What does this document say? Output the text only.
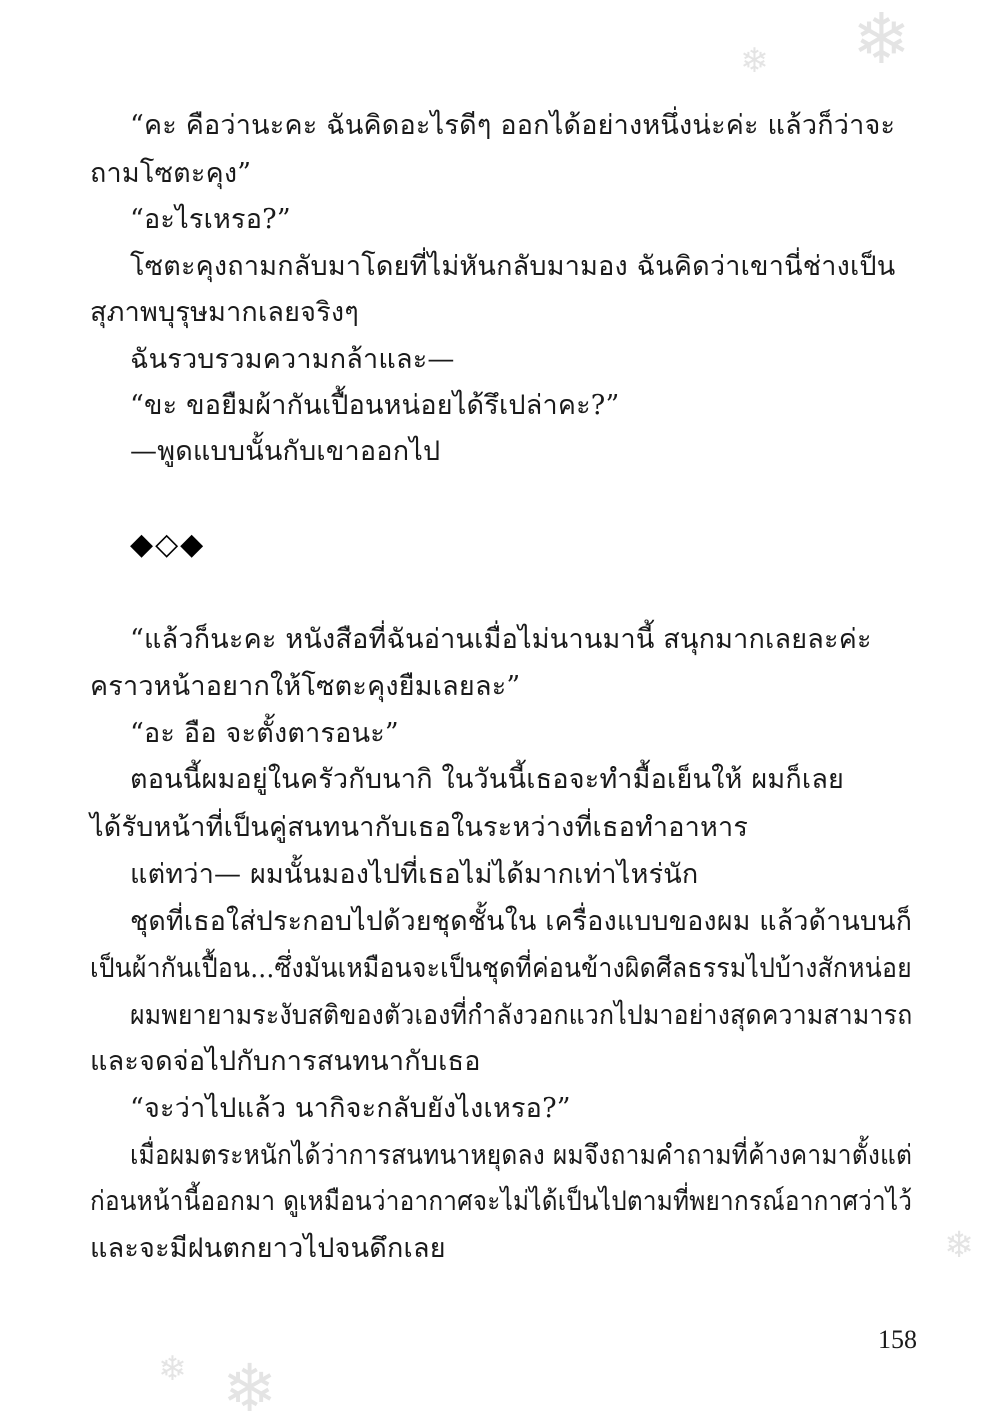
❄
❄
❄
❄ ❄
“คะ คือว่านะคะ ฉันคิดอะไรดีๆ ออกได้อย่างหนึ่งน่ะค่ะ แล้วก็ว่าจะ
ถามโซตะคุง”
“อะไรเหรอ?”
โซตะคุงถามกลับมาโดยที่ไม่หันกลับมามอง ฉันคิดว่าเขานี่ช่างเป็น
สุภาพบุรุษมากเลยจริงๆ
ฉันรวบรวมความกล้าและ—
“ขะ ขอยืมผ้ากันเปื้อนหน่อยได้รึเปล่าคะ?”
—พูดแบบนั้นกับเขาออกไป
◆◇◆
“แล้วก็นะคะ หนังสือที่ฉันอ่านเมื่อไม่นานมานี้ สนุกมากเลยละค่ะ
คราวหน้าอยากให้โซตะคุงยืมเลยละ”
“อะ อือ จะตั้งตารอนะ”
ตอนนี้ผมอยู่ในครัวกับนากิ ในวันนี้เธอจะทำมื้อเย็นให้ ผมก็เลย
ได้รับหน้าที่เป็นคู่สนทนากับเธอในระหว่างที่เธอทำอาหาร
แต่ทว่า— ผมนั้นมองไปที่เธอไม่ได้มากเท่าไหร่นัก
ชุดที่เธอใส่ประกอบไปด้วยชุดชั้นใน เครื่องแบบของผม แล้วด้านบนก็
เป็นผ้ากันเปื้อน...ซึ่งมันเหมือนจะเป็นชุดที่ค่อนข้างผิดศีลธรรมไปบ้างสักหน่อย
ผมพยายามระงับสติของตัวเองที่กำลังวอกแวกไปมาอย่างสุดความสามารถ
และจดจ่อไปกับการสนทนากับเธอ
“จะว่าไปแล้ว นากิจะกลับยังไงเหรอ?”
เมื่อผมตระหนักได้ว่าการสนทนาหยุดลง ผมจึงถามคำถามที่ค้างคามาตั้งแต่
ก่อนหน้านี้ออกมา ดูเหมือนว่าอากาศจะไม่ได้เป็นไปตามที่พยากรณ์อากาศว่าไว้
และจะมีฝนตกยาวไปจนดึกเลย
158
